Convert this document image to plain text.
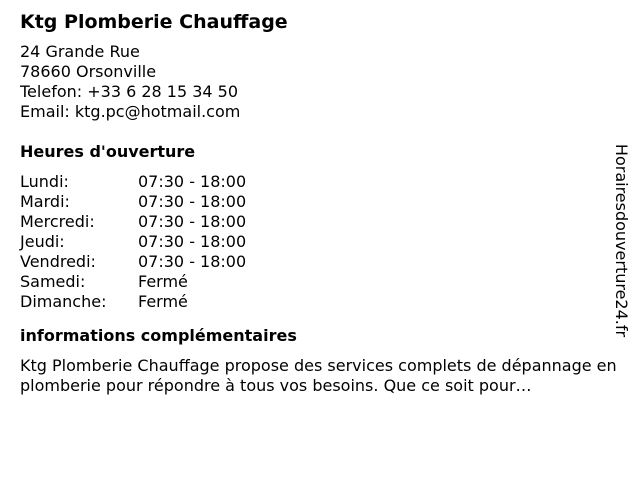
Ktg Plomberie Chauffage
24 Grande Rue
78660 Orsonville
Telefon: +33 6 28 15 34 50
Email: ktg.pc@hotmail.com
Heures d'ouverture
Lundi:	07:30 - 18:00
Mardi:	07:30 - 18:00
Mercredi:	07:30 - 18:00
Jeudi:	07:30 - 18:00
Vendredi:	07:30 - 18:00
Samedi:	Fermé
Dimanche:	Fermé
informations complémentaires
Ktg Plomberie Chauffage propose des services complets de dépannage en plomberie pour répondre à tous vos besoins. Que ce soit pour…
Horairesdouverture24.fr
